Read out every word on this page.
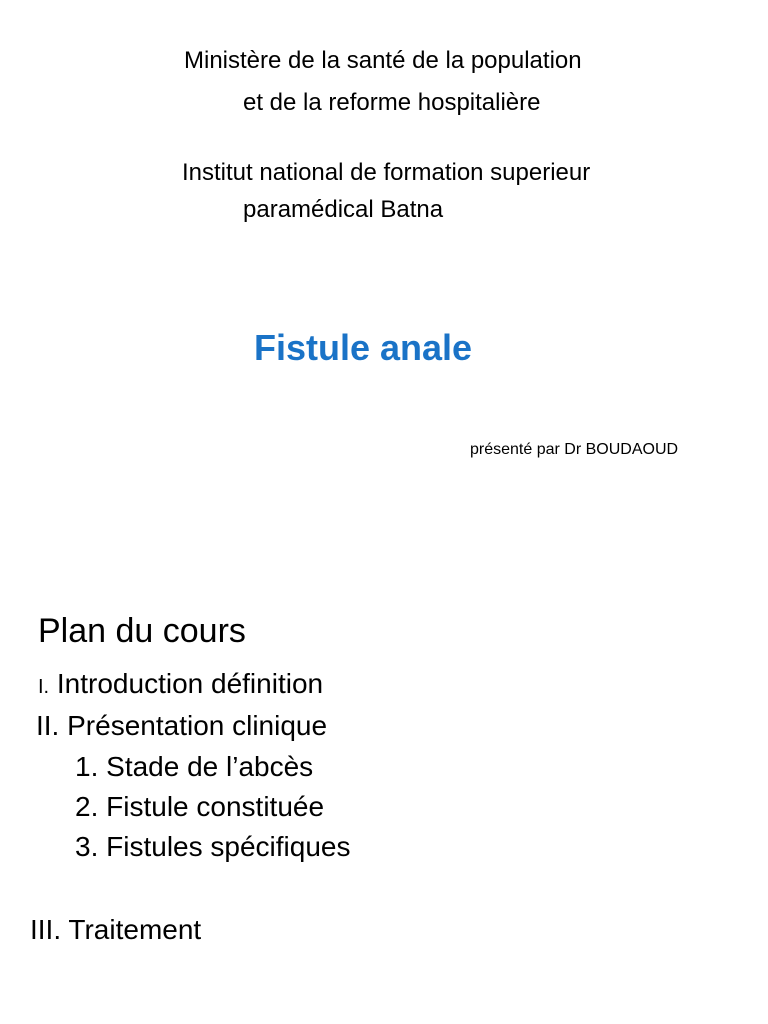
Ministère de la santé de la population
et de la reforme hospitalière
Institut national de formation superieur
paramédical Batna
Fistule anale
présenté par Dr BOUDAOUD
Plan du cours
I. Introduction définition
II. Présentation clinique
1. Stade de l’abcès
2. Fistule constituée
3. Fistules spécifiques
III. Traitement
